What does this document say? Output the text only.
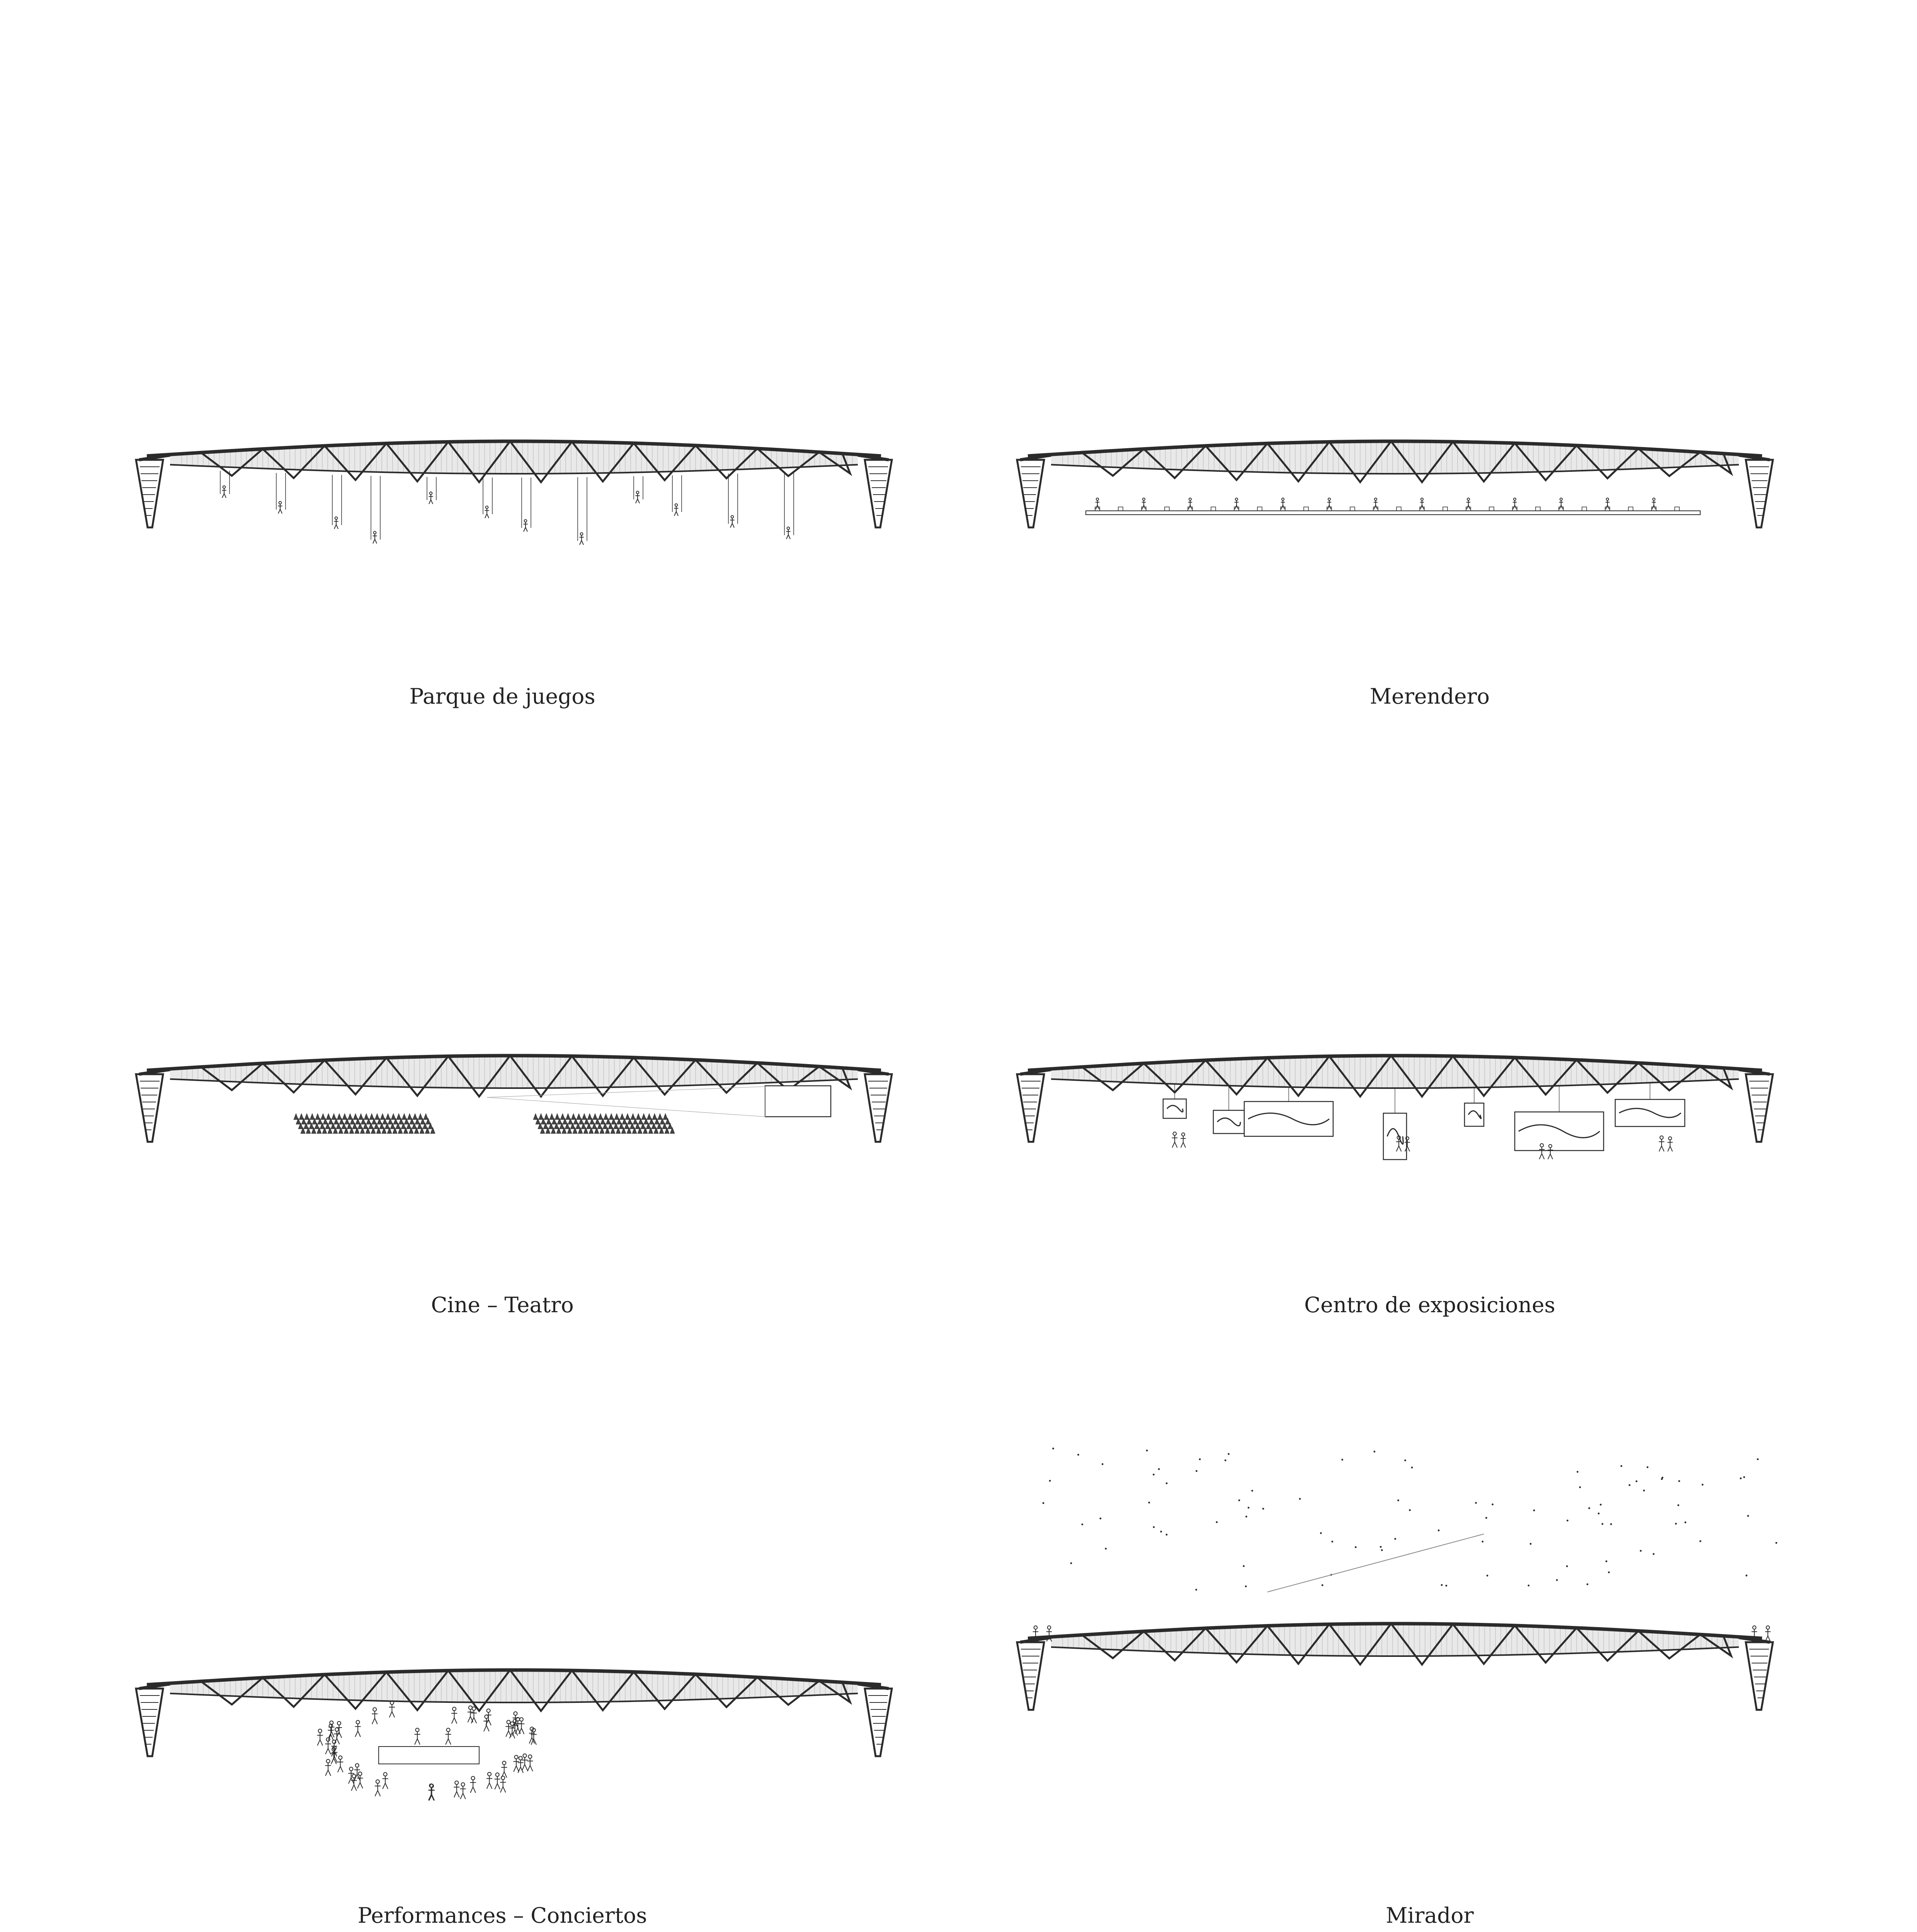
Parque de juegos	Merendero
Cine – Teatro	Centro de exposiciones
Performances – Conciertos	Mirador
